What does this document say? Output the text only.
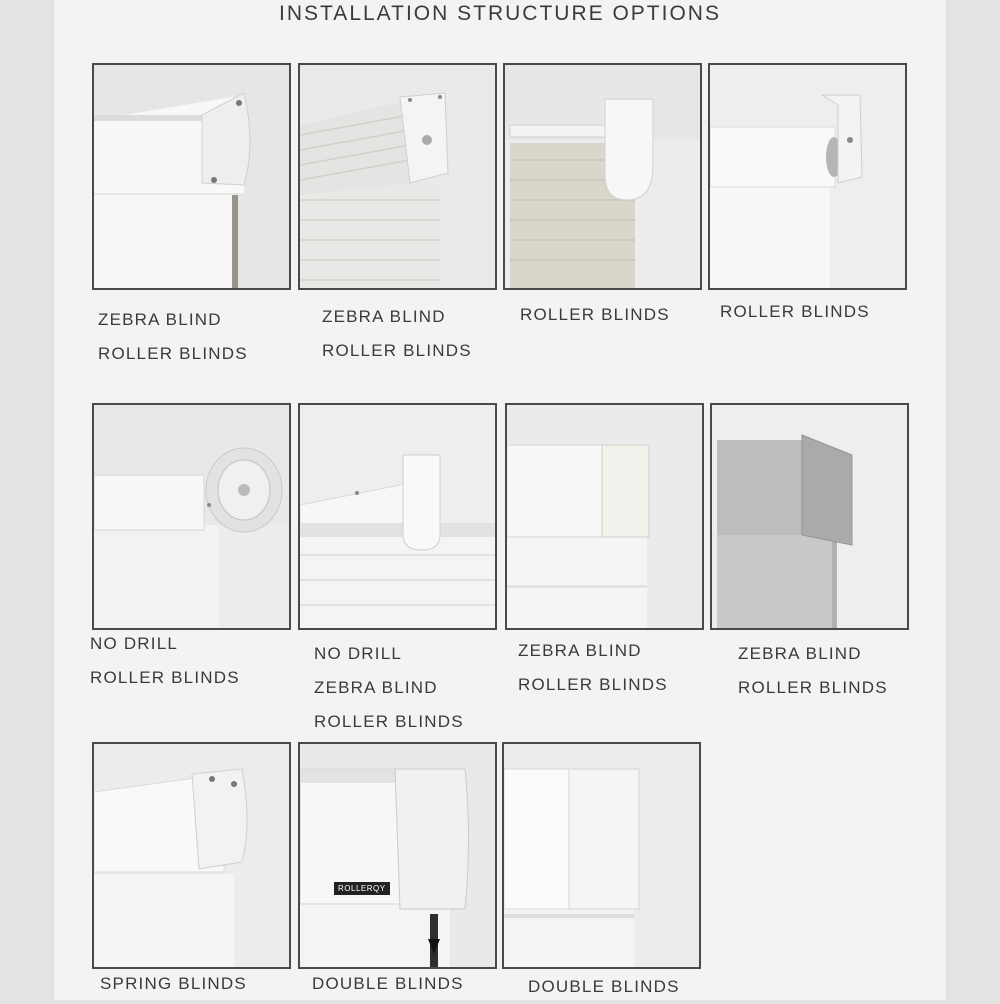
INSTALLATION STRUCTURE OPTIONS
ZEBRA BLIND
ROLLER BLINDS
ZEBRA BLIND
ROLLER BLINDS
ROLLER BLINDS	ROLLER BLINDS
NO DRILL
ROLLER BLINDS
NO DRILL
ZEBRA BLIND
ROLLER BLINDS
ZEBRA BLIND
ROLLER BLINDS
ZEBRA BLIND
ROLLER BLINDS
ROLLERQY
SPRING BLINDS	DOUBLE BLINDS	DOUBLE BLINDS
